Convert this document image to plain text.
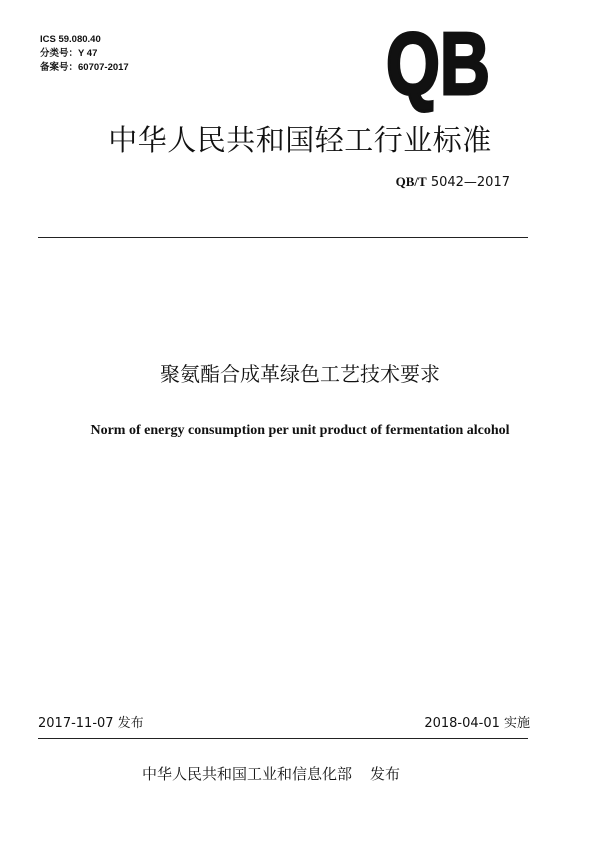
ICS 59.080.40
分类号：Y 47
备案号：60707-2017	QB
中华人民共和国轻工行业标准
QB/T 5042—2017
聚氨酯合成革绿色工艺技术要求
Norm of energy consumption per unit product of fermentation alcohol
2017-11-07 发布	2018-04-01 实施
中华人民共和国工业和信息化部 发布
